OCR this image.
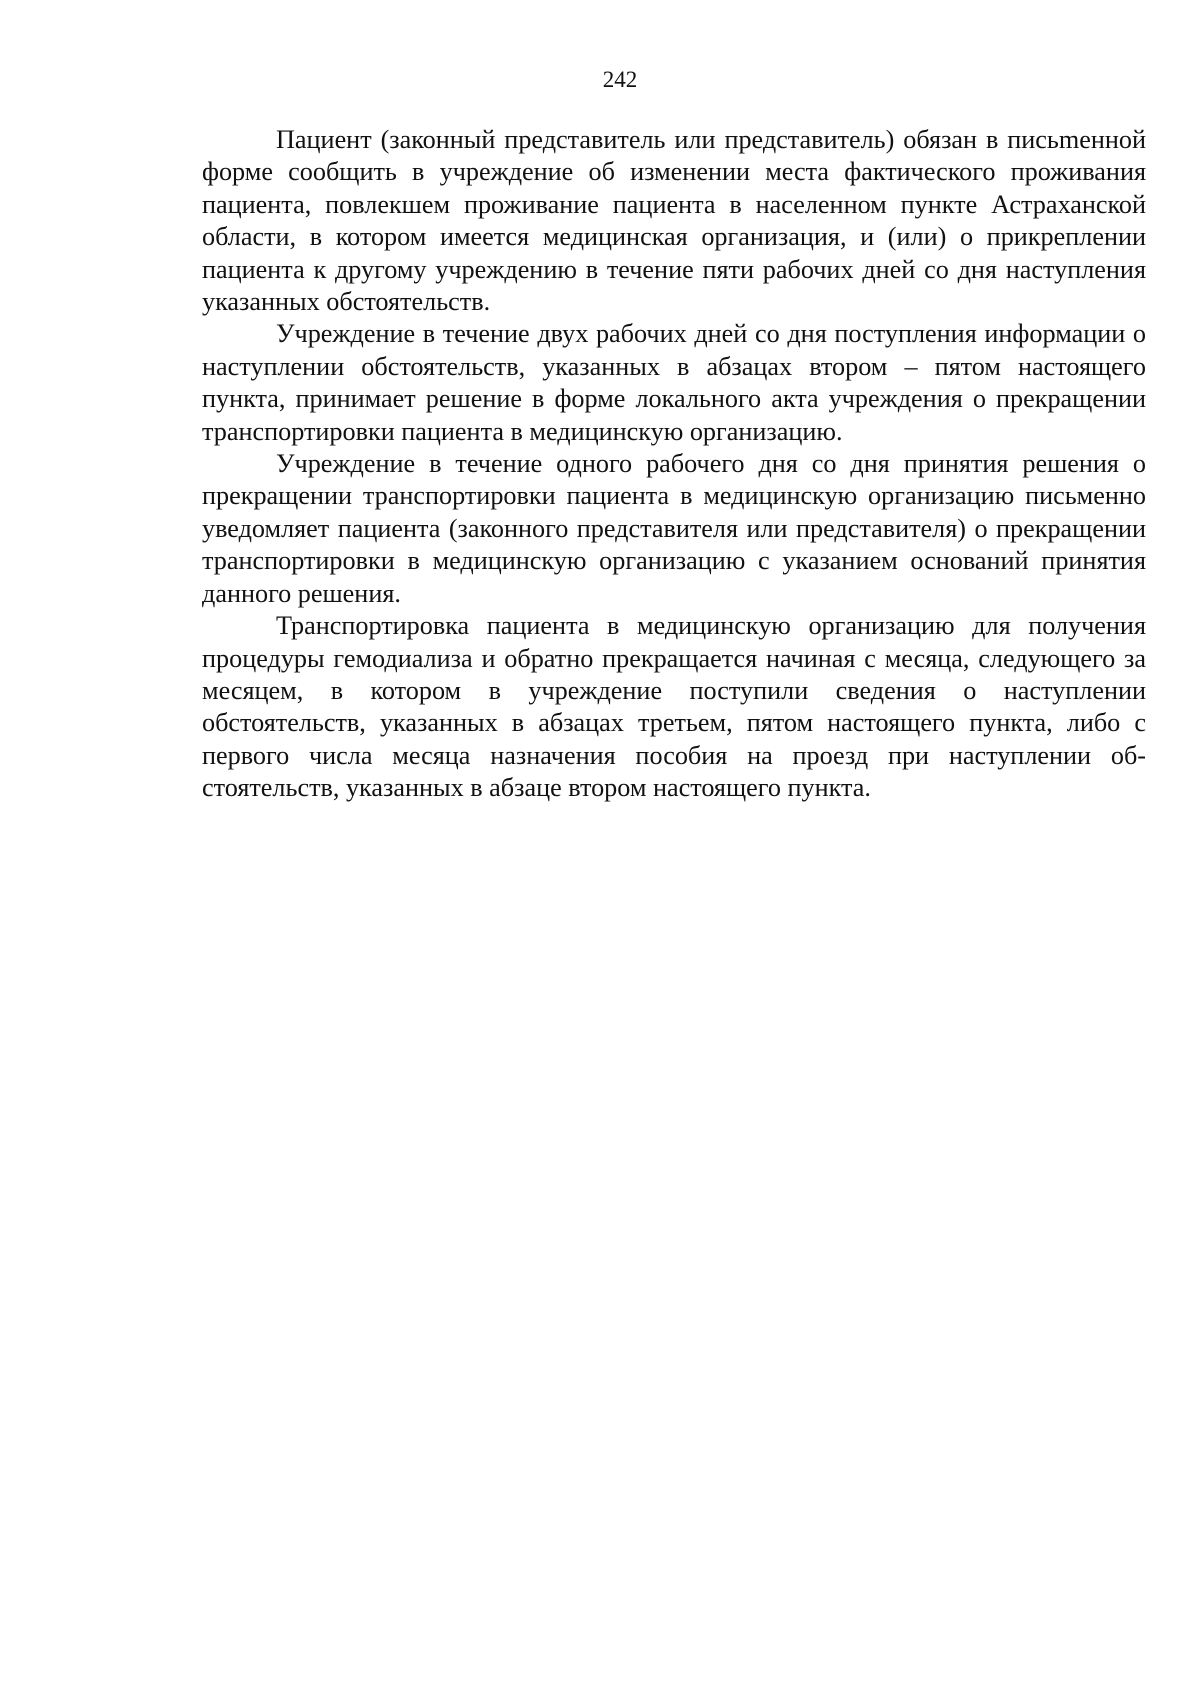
242

Пациент (законный представитель или представитель) обязан в письmенной форме сообщить в учреждение об изменении места фактического проживания пациента, повлекшем проживание пациента в населенном пункте Астраханской области, в котором имеется медицинская организация, и (или) о прикреплении пациента к другому учреждению в течение пяти рабочих дней со дня наступления указанных обстоятельств.

Учреждение в течение двух рабочих дней со дня поступления информации о наступлении обстоятельств, указанных в абзацах втором – пятом настоящего пункта, принимает решение в форме локального акта учреждения о прекращении транспортировки пациента в медицинскую организацию.

Учреждение в течение одного рабочего дня со дня принятия решения о прекращении транспортировки пациента в медицинскую организацию письменно уведомляет пациента (законного представителя или представителя) о прекращении транспортировки в медицинскую организацию с указанием оснований принятия данного решения.

Транспортировка пациента в медицинскую организацию для получения процедуры гемодиализа и обратно прекращается начиная с месяца, следующего за месяцем, в котором в учреждение поступили сведения о наступлении обстоятельств, указанных в абзацах третьем, пятом настоящего пункта, либо с первого числа месяца назначения пособия на проезд при наступлении обстоятельств, указанных в абзаце втором настоящего пункта.
